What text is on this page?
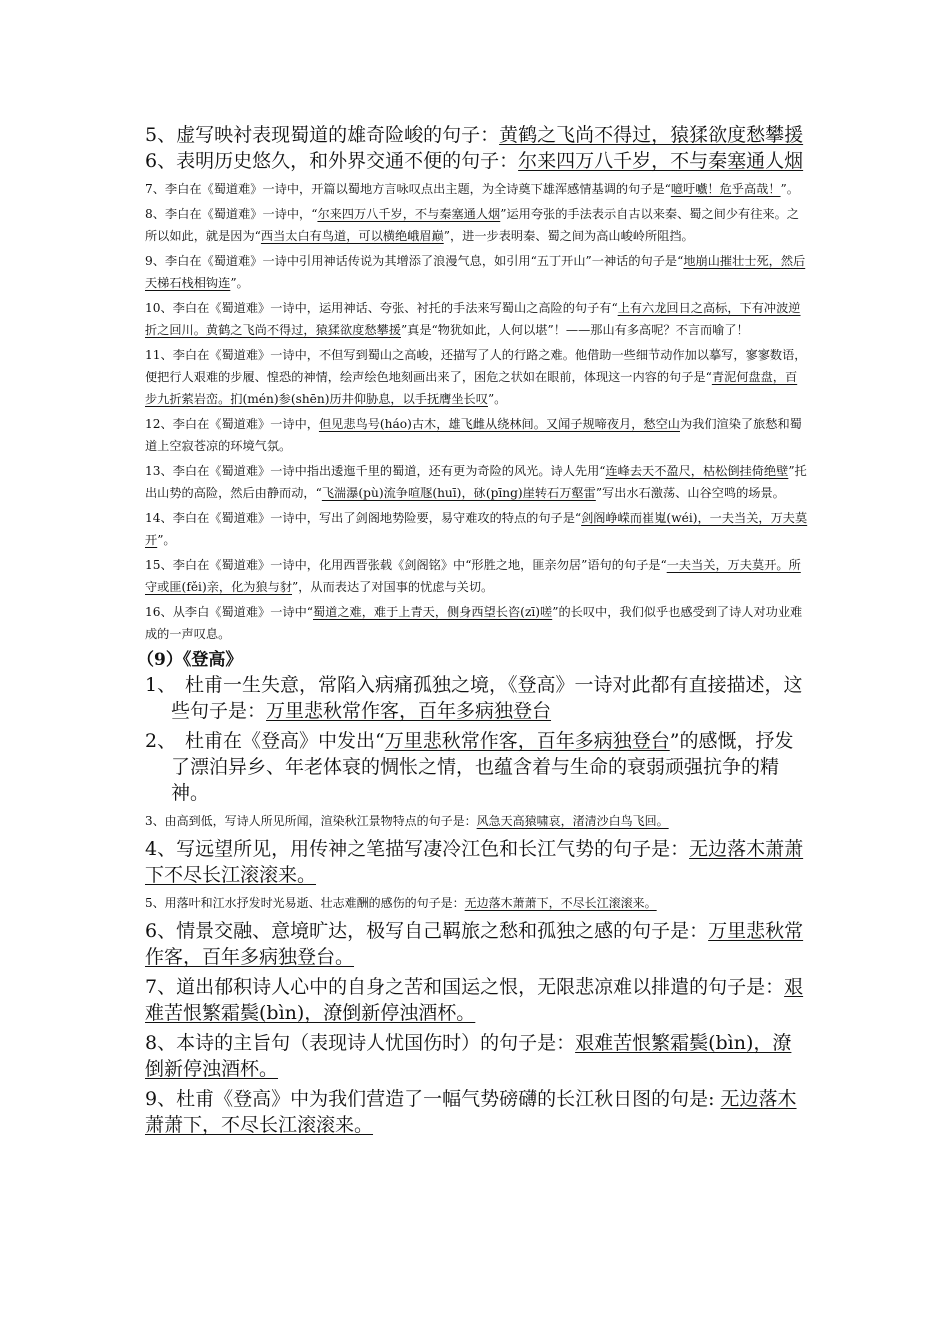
5、虚写映衬表现蜀道的雄奇险峻的句子：黄鹤之飞尚不得过，猿猱欲度愁攀援

6、表明历史悠久，和外界交通不便的句子：尔来四万八千岁，不与秦塞通人烟

7、李白在《蜀道难》一诗中，开篇以蜀地方言咏叹点出主题，为全诗奠下雄浑感情基调的句子是“噫吁嚱！危乎高哉！”。

8、李白在《蜀道难》一诗中，“尔来四万八千岁，不与秦塞通人烟”运用夸张的手法表示自古以来秦、蜀之间少有往来。之所以如此，就是因为“西当太白有鸟道，可以横绝峨眉巅”，进一步表明秦、蜀之间为高山峻岭所阻挡。

9、李白在《蜀道难》一诗中引用神话传说为其增添了浪漫气息，如引用“五丁开山”一神话的句子是“地崩山摧壮士死，然后天梯石栈相钩连”。

10、李白在《蜀道难》一诗中，运用神话、夸张、衬托的手法来写蜀山之高险的句子有“上有六龙回日之高标，下有冲波逆折之回川。黄鹤之飞尚不得过，猿猱欲度愁攀援”真是“物犹如此，人何以堪”！——那山有多高呢？不言而喻了！

11、李白在《蜀道难》一诗中，不但写到蜀山之高峻，还描写了人的行路之难。他借助一些细节动作加以摹写，寥寥数语，便把行人艰难的步履、惶恐的神情，绘声绘色地刻画出来了，困危之状如在眼前，体现这一内容的句子是“青泥何盘盘，百步九折萦岩峦。扪(mén)参(shēn)历井仰胁息，以手抚膺坐长叹”。

12、李白在《蜀道难》一诗中，但见悲鸟号(háo)古木，雄飞雌从绕林间。又闻子规啼夜月，愁空山为我们渲染了旅愁和蜀道上空寂苍凉的环境气氛。

13、李白在《蜀道难》一诗中指出逶迤千里的蜀道，还有更为奇险的风光。诗人先用“连峰去天不盈尺，枯松倒挂倚绝壁”托出山势的高险，然后由静而动，“飞湍瀑(pù)流争喧豗(huī)，砯(pīng)崖转石万壑雷”写出水石激荡、山谷空鸣的场景。

14、李白在《蜀道难》一诗中，写出了剑阁地势险要，易守难攻的特点的句子是“剑阁峥嵘而崔嵬(wéi)，一夫当关，万夫莫开”。

15、李白在《蜀道难》一诗中，化用西晋张载《剑阁铭》中“形胜之地，匪亲勿居”语句的句子是“一夫当关，万夫莫开。所守或匪(fěi)亲，化为狼与豺”，从而表达了对国事的忧虑与关切。

16、从李白《蜀道难》一诗中“蜀道之难，难于上青天，侧身西望长咨(zī)嗟”的长叹中，我们似乎也感受到了诗人对功业难成的一声叹息。

（9）《登高》

1、 杜甫一生失意，常陷入病痛孤独之境，《登高》一诗对此都有直接描述，这些句子是：万里悲秋常作客，百年多病独登台

2、 杜甫在《登高》中发出“万里悲秋常作客，百年多病独登台”的感慨，抒发了漂泊异乡、年老体衰的惆怅之情，也蕴含着与生命的衰弱顽强抗争的精神。

3、由高到低，写诗人所见所闻，渲染秋江景物特点的句子是：风急天高猿啸哀，渚清沙白鸟飞回。

4、写远望所见，用传神之笔描写凄冷江色和长江气势的句子是：无边落木萧萧下不尽长江滚滚来。

5、用落叶和江水抒发时光易逝、壮志难酬的感伤的句子是：无边落木萧萧下，不尽长江滚滚来。

6、情景交融、意境旷达，极写自己羁旅之愁和孤独之感的句子是：万里悲秋常作客，百年多病独登台。

7、道出郁积诗人心中的自身之苦和国运之恨，无限悲凉难以排遣的句子是：艰难苦恨繁霜鬓(bìn)，潦倒新停浊酒杯。

8、本诗的主旨句（表现诗人忧国伤时）的句子是：艰难苦恨繁霜鬓(bìn)，潦倒新停浊酒杯。

9、杜甫《登高》中为我们营造了一幅气势磅礴的长江秋日图的句是: 无边落木萧萧下，不尽长江滚滚来。
